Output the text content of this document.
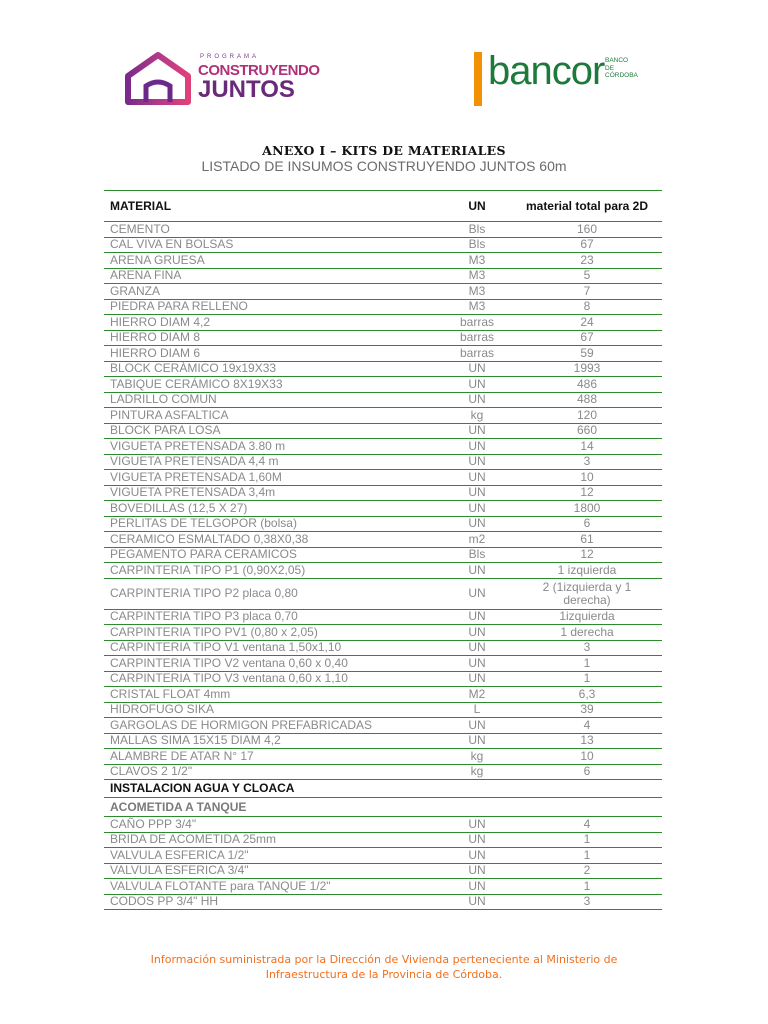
PROGRAMA
CONSTRUYENDO
JUNTOS	bancor BANCO
DE
CÓRDOBA
ANEXO I – KITS DE MATERIALES
LISTADO DE INSUMOS CONSTRUYENDO JUNTOS 60m
MATERIAL	UN	material total para 2D
CEMENTO	Bls	160
CAL VIVA EN BOLSAS	Bls	67
ARENA GRUESA	M3	23
ARENA FINA	M3	5
GRANZA	M3	7
PIEDRA PARA RELLENO	M3	8
HIERRO DIAM 4,2	barras	24
HIERRO DIAM 8	barras	67
HIERRO DIAM 6	barras	59
BLOCK CERÁMICO 19x19X33	UN	1993
TABIQUE CERÁMICO 8X19X33	UN	486
LADRILLO COMUN	UN	488
PINTURA ASFALTICA	kg	120
BLOCK PARA LOSA	UN	660
VIGUETA PRETENSADA 3.80 m	UN	14
VIGUETA PRETENSADA 4,4 m	UN	3
VIGUETA PRETENSADA 1,60M	UN	10
VIGUETA PRETENSADA 3,4m	UN	12
BOVEDILLAS (12,5 X 27)	UN	1800
PERLITAS DE TELGOPOR (bolsa)	UN	6
CERAMICO ESMALTADO 0,38X0,38	m2	61
PEGAMENTO PARA CERAMICOS	Bls	12
CARPINTERIA TIPO P1 (0,90X2,05)	UN	1 izquierda
CARPINTERIA TIPO P2 placa 0,80	UN	2 (1izquierda y 1 derecha)
CARPINTERIA TIPO P3 placa 0,70	UN	1izquierda
CARPINTERIA TIPO PV1 (0,80 x 2,05)	UN	1 derecha
CARPINTERIA TIPO V1 ventana 1,50x1,10	UN	3
CARPINTERIA TIPO V2 ventana 0,60 x 0,40	UN	1
CARPINTERIA TIPO V3 ventana 0,60 x 1,10	UN	1
CRISTAL FLOAT 4mm	M2	6,3
HIDROFUGO SIKA	L	39
GARGOLAS DE HORMIGON PREFABRICADAS	UN	4
MALLAS SIMA 15X15 DIAM 4,2	UN	13
ALAMBRE DE ATAR N° 17	kg	10
CLAVOS 2 1/2"	kg	6
INSTALACION AGUA Y CLOACA		
ACOMETIDA A TANQUE		
CAÑO PPP 3/4"	UN	4
BRIDA DE ACOMETIDA 25mm	UN	1
VALVULA ESFERICA 1/2"	UN	1
VALVULA ESFERICA 3/4"	UN	2
VALVULA FLOTANTE para TANQUE 1/2"	UN	1
CODOS PP 3/4" HH	UN	3
Información suministrada por la Dirección de Vivienda perteneciente al Ministerio de
Infraestructura de la Provincia de Córdoba.
